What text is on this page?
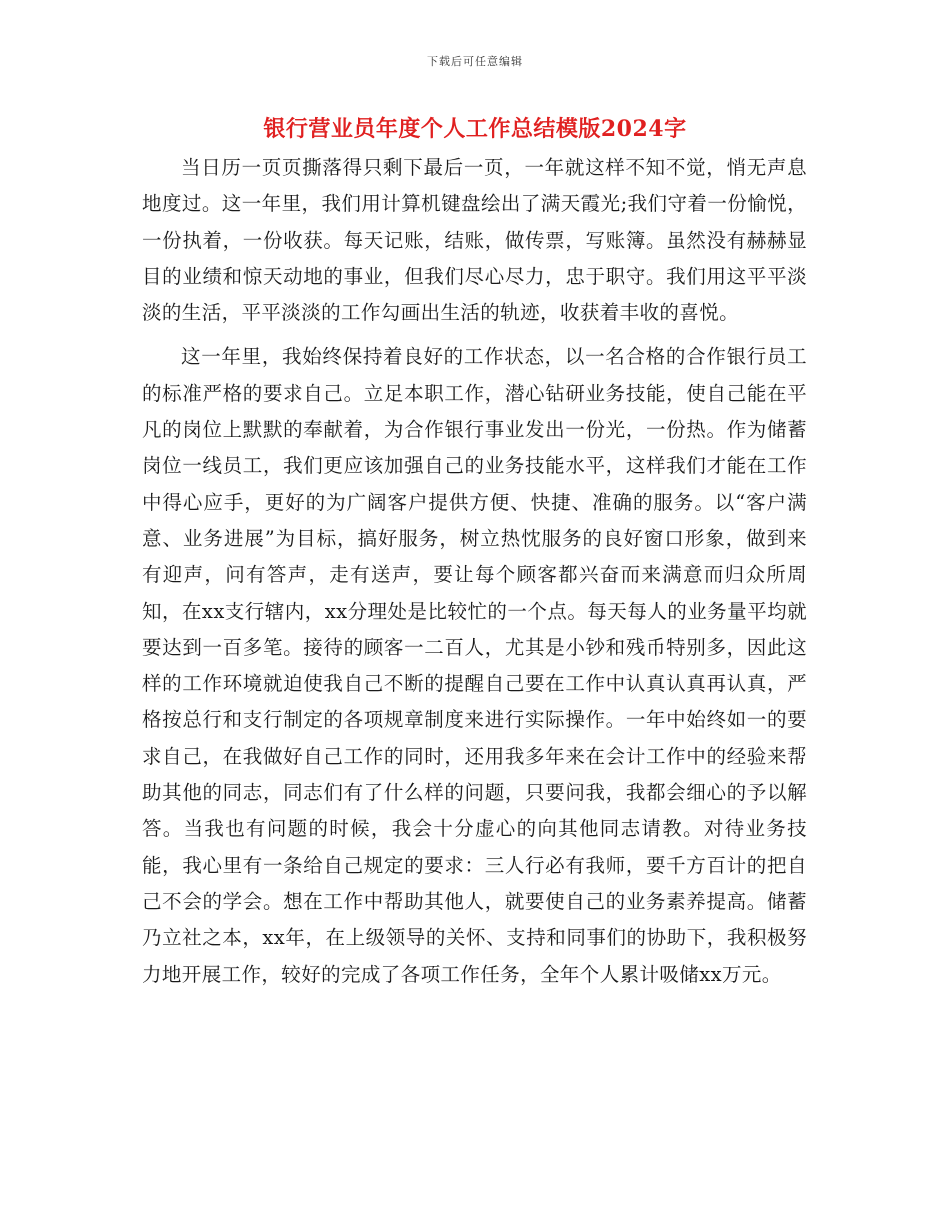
下载后可任意编辑
银行营业员年度个人工作总结模版2024字

当日历一页页撕落得只剩下最后一页，一年就这样不知不觉，悄无声息地度过。这一年里，我们用计算机键盘绘出了满天霞光;我们守着一份愉悦，一份执着，一份收获。每天记账，结账，做传票，写账簿。虽然没有赫赫显目的业绩和惊天动地的事业，但我们尽心尽力，忠于职守。我们用这平平淡淡的生活，平平淡淡的工作勾画出生活的轨迹，收获着丰收的喜悦。

这一年里，我始终保持着良好的工作状态，以一名合格的合作银行员工的标准严格的要求自己。立足本职工作，潜心钻研业务技能，使自己能在平凡的岗位上默默的奉献着，为合作银行事业发出一份光，一份热。作为储蓄岗位一线员工，我们更应该加强自己的业务技能水平，这样我们才能在工作中得心应手，更好的为广阔客户提供方便、快捷、准确的服务。以“客户满意、业务进展”为目标，搞好服务，树立热忱服务的良好窗口形象，做到来有迎声，问有答声，走有送声，要让每个顾客都兴奋而来满意而归众所周知，在xx支行辖内，xx分理处是比较忙的一个点。每天每人的业务量平均就要达到一百多笔。接待的顾客一二百人，尤其是小钞和残币特别多，因此这样的工作环境就迫使我自己不断的提醒自己要在工作中认真认真再认真，严格按总行和支行制定的各项规章制度来进行实际操作。一年中始终如一的要求自己，在我做好自己工作的同时，还用我多年来在会计工作中的经验来帮助其他的同志，同志们有了什么样的问题，只要问我，我都会细心的予以解答。当我也有问题的时候，我会十分虚心的向其他同志请教。对待业务技能，我心里有一条给自己规定的要求：三人行必有我师，要千方百计的把自己不会的学会。想在工作中帮助其他人，就要使自己的业务素养提高。储蓄乃立社之本，xx年，在上级领导的关怀、支持和同事们的协助下，我积极努力地开展工作，较好的完成了各项工作任务，全年个人累计吸储xx万元。
